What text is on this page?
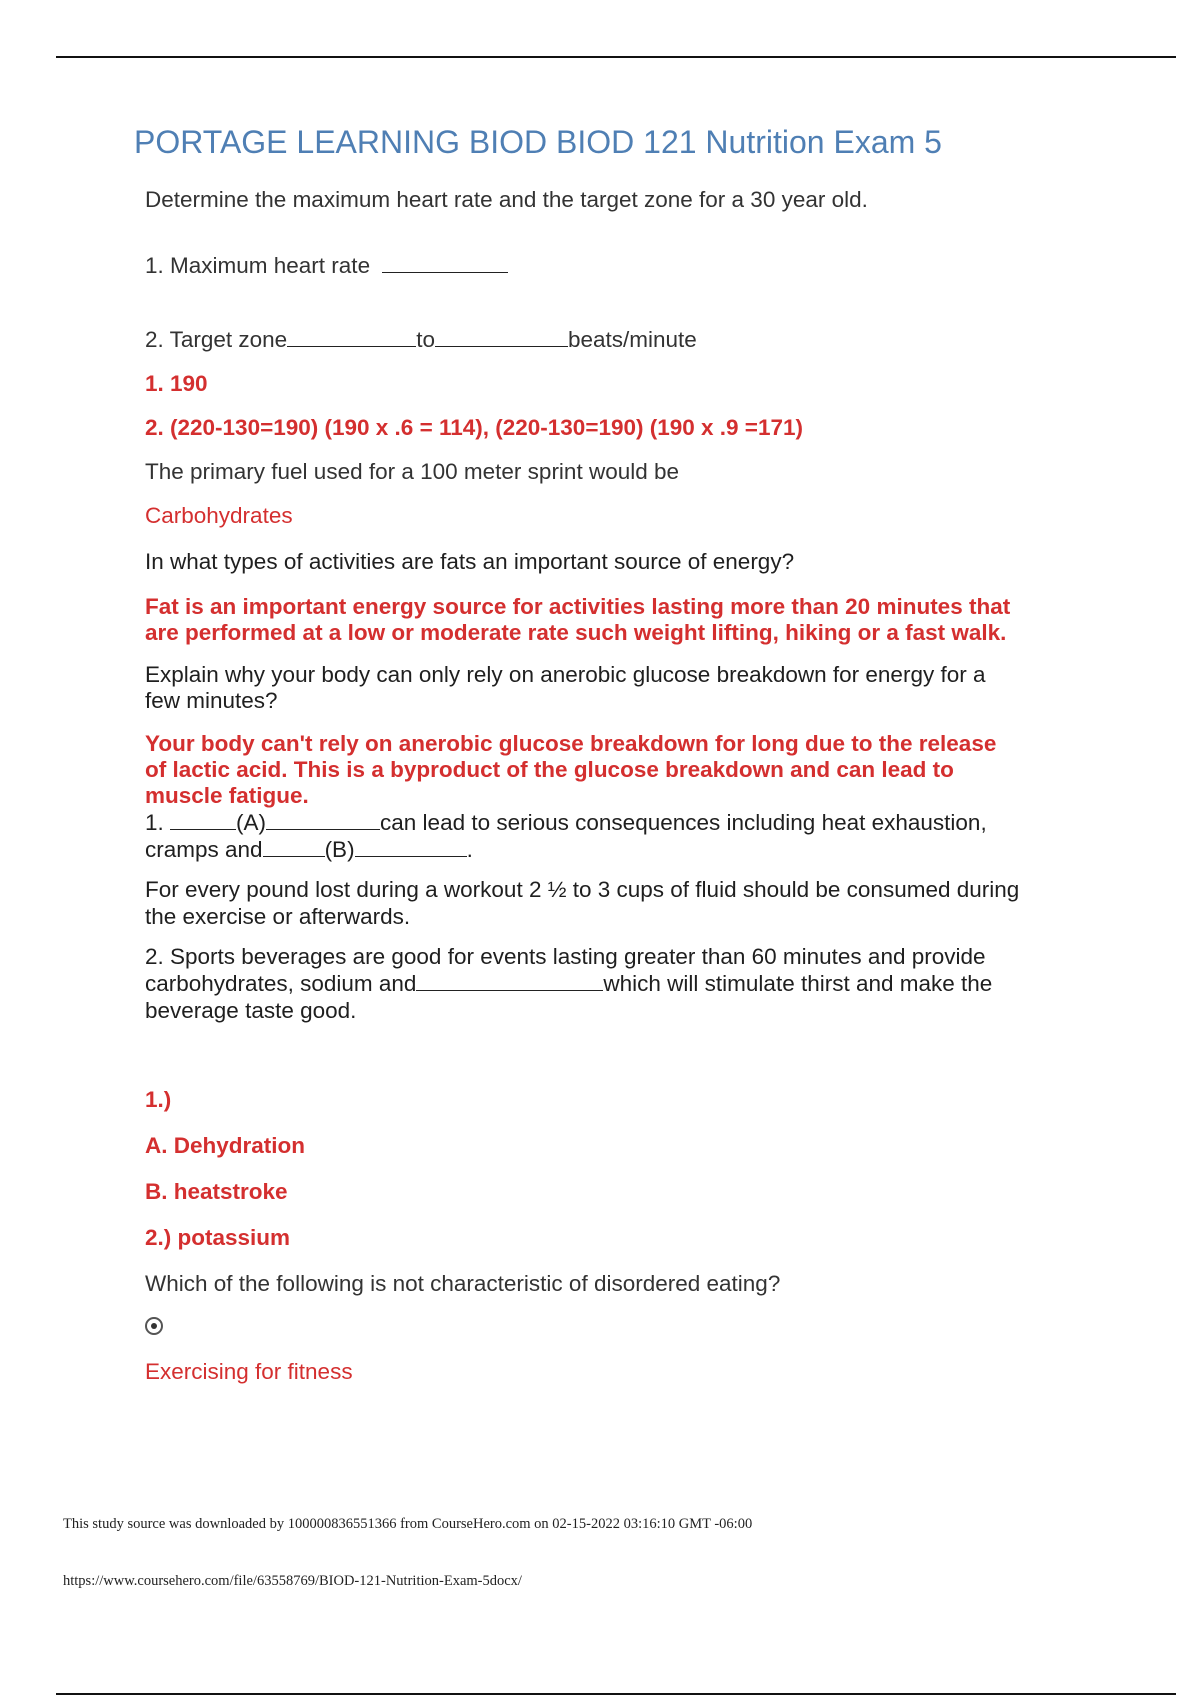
PORTAGE LEARNING BIOD BIOD 121 Nutrition Exam 5

Determine the maximum heart rate and the target zone for a 30 year old.

1. Maximum heart rate

2. Target zone	to	beats/minute

1. 190

2. (220-130=190) (190 x .6 = 114), (220-130=190) (190 x .9 =171)

The primary fuel used for a 100 meter sprint would be

Carbohydrates

In what types of activities are fats an important source of energy?

Fat is an important energy source for activities lasting more than 20 minutes that
are performed at a low or moderate rate such weight lifting, hiking or a fast walk.

Explain why your body can only rely on anerobic glucose breakdown for energy for a
few minutes?

Your body can't rely on anerobic glucose breakdown for long due to the release
of lactic acid. This is a byproduct of the glucose breakdown and can lead to
muscle fatigue.

1.	(A)	can lead to serious consequences including heat exhaustion,
cramps and	(B)	.

For every pound lost during a workout 2 ½ to 3 cups of fluid should be consumed during
the exercise or afterwards.

2. Sports beverages are good for events lasting greater than 60 minutes and provide
carbohydrates, sodium and	which will stimulate thirst and make the
beverage taste good.

1.)

A. Dehydration

B. heatstroke

2.) potassium

Which of the following is not characteristic of disordered eating?

Exercising for fitness

This study source was downloaded by 100000836551366 from CourseHero.com on 02-15-2022 03:16:10 GMT -06:00
https://www.coursehero.com/file/63558769/BIOD-121-Nutrition-Exam-5docx/
